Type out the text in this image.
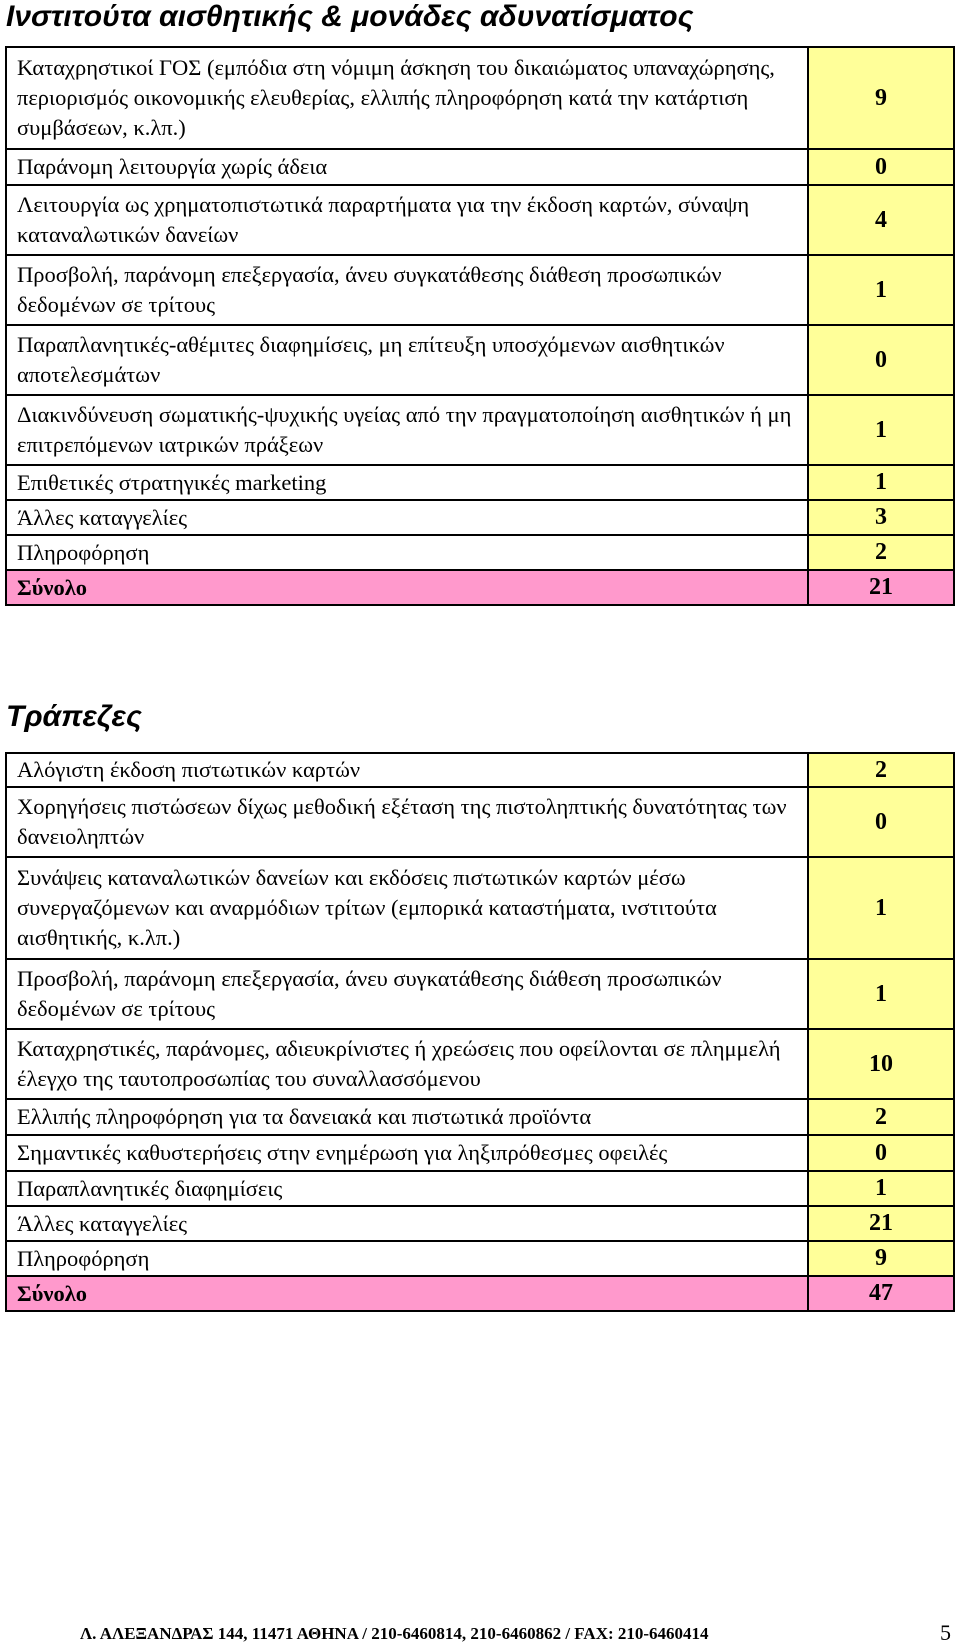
Ινστιτούτα αισθητικής & μονάδες αδυνατίσματος
Καταχρηστικοί ΓΟΣ (εμπόδια στη νόμιμη άσκηση του δικαιώματος υπαναχώρησης, περιορισμός οικονομικής ελευθερίας, ελλιπής πληροφόρηση κατά την κατάρτιση συμβάσεων, κ.λπ.)	9
Παράνομη λειτουργία χωρίς άδεια	0
Λειτουργία ως χρηματοπιστωτικά παραρτήματα για την έκδοση καρτών, σύναψη καταναλωτικών δανείων	4
Προσβολή, παράνομη επεξεργασία, άνευ συγκατάθεσης διάθεση προσωπικών δεδομένων σε τρίτους	1
Παραπλανητικές-αθέμιτες διαφημίσεις, μη επίτευξη υποσχόμενων αισθητικών αποτελεσμάτων	0
Διακινδύνευση σωματικής-ψυχικής υγείας από την πραγματοποίηση αισθητικών ή μη επιτρεπόμενων ιατρικών πράξεων	1
Επιθετικές στρατηγικές marketing	1
Άλλες καταγγελίες	3
Πληροφόρηση	2
Σύνολο	21
Τράπεζες
Αλόγιστη έκδοση πιστωτικών καρτών	2
Χορηγήσεις πιστώσεων δίχως μεθοδική εξέταση της πιστοληπτικής δυνατότητας των δανειοληπτών	0
Συνάψεις καταναλωτικών δανείων και εκδόσεις πιστωτικών καρτών μέσω συνεργαζόμενων και αναρμόδιων τρίτων (εμπορικά καταστήματα, ινστιτούτα αισθητικής, κ.λπ.)	1
Προσβολή, παράνομη επεξεργασία, άνευ συγκατάθεσης διάθεση προσωπικών δεδομένων σε τρίτους	1
Καταχρηστικές, παράνομες, αδιευκρίνιστες ή χρεώσεις που οφείλονται σε πλημμελή έλεγχο της ταυτοπροσωπίας του συναλλασσόμενου	10
Ελλιπής πληροφόρηση για τα δανειακά και πιστωτικά προϊόντα	2
Σημαντικές καθυστερήσεις στην ενημέρωση για ληξιπρόθεσμες οφειλές	0
Παραπλανητικές διαφημίσεις	1
Άλλες καταγγελίες	21
Πληροφόρηση	9
Σύνολο	47
Λ. ΑΛΕΞΑΝΔΡΑΣ 144, 11471 ΑΘΗΝΑ / 210-6460814, 210-6460862 / FAX: 210-6460414	5
